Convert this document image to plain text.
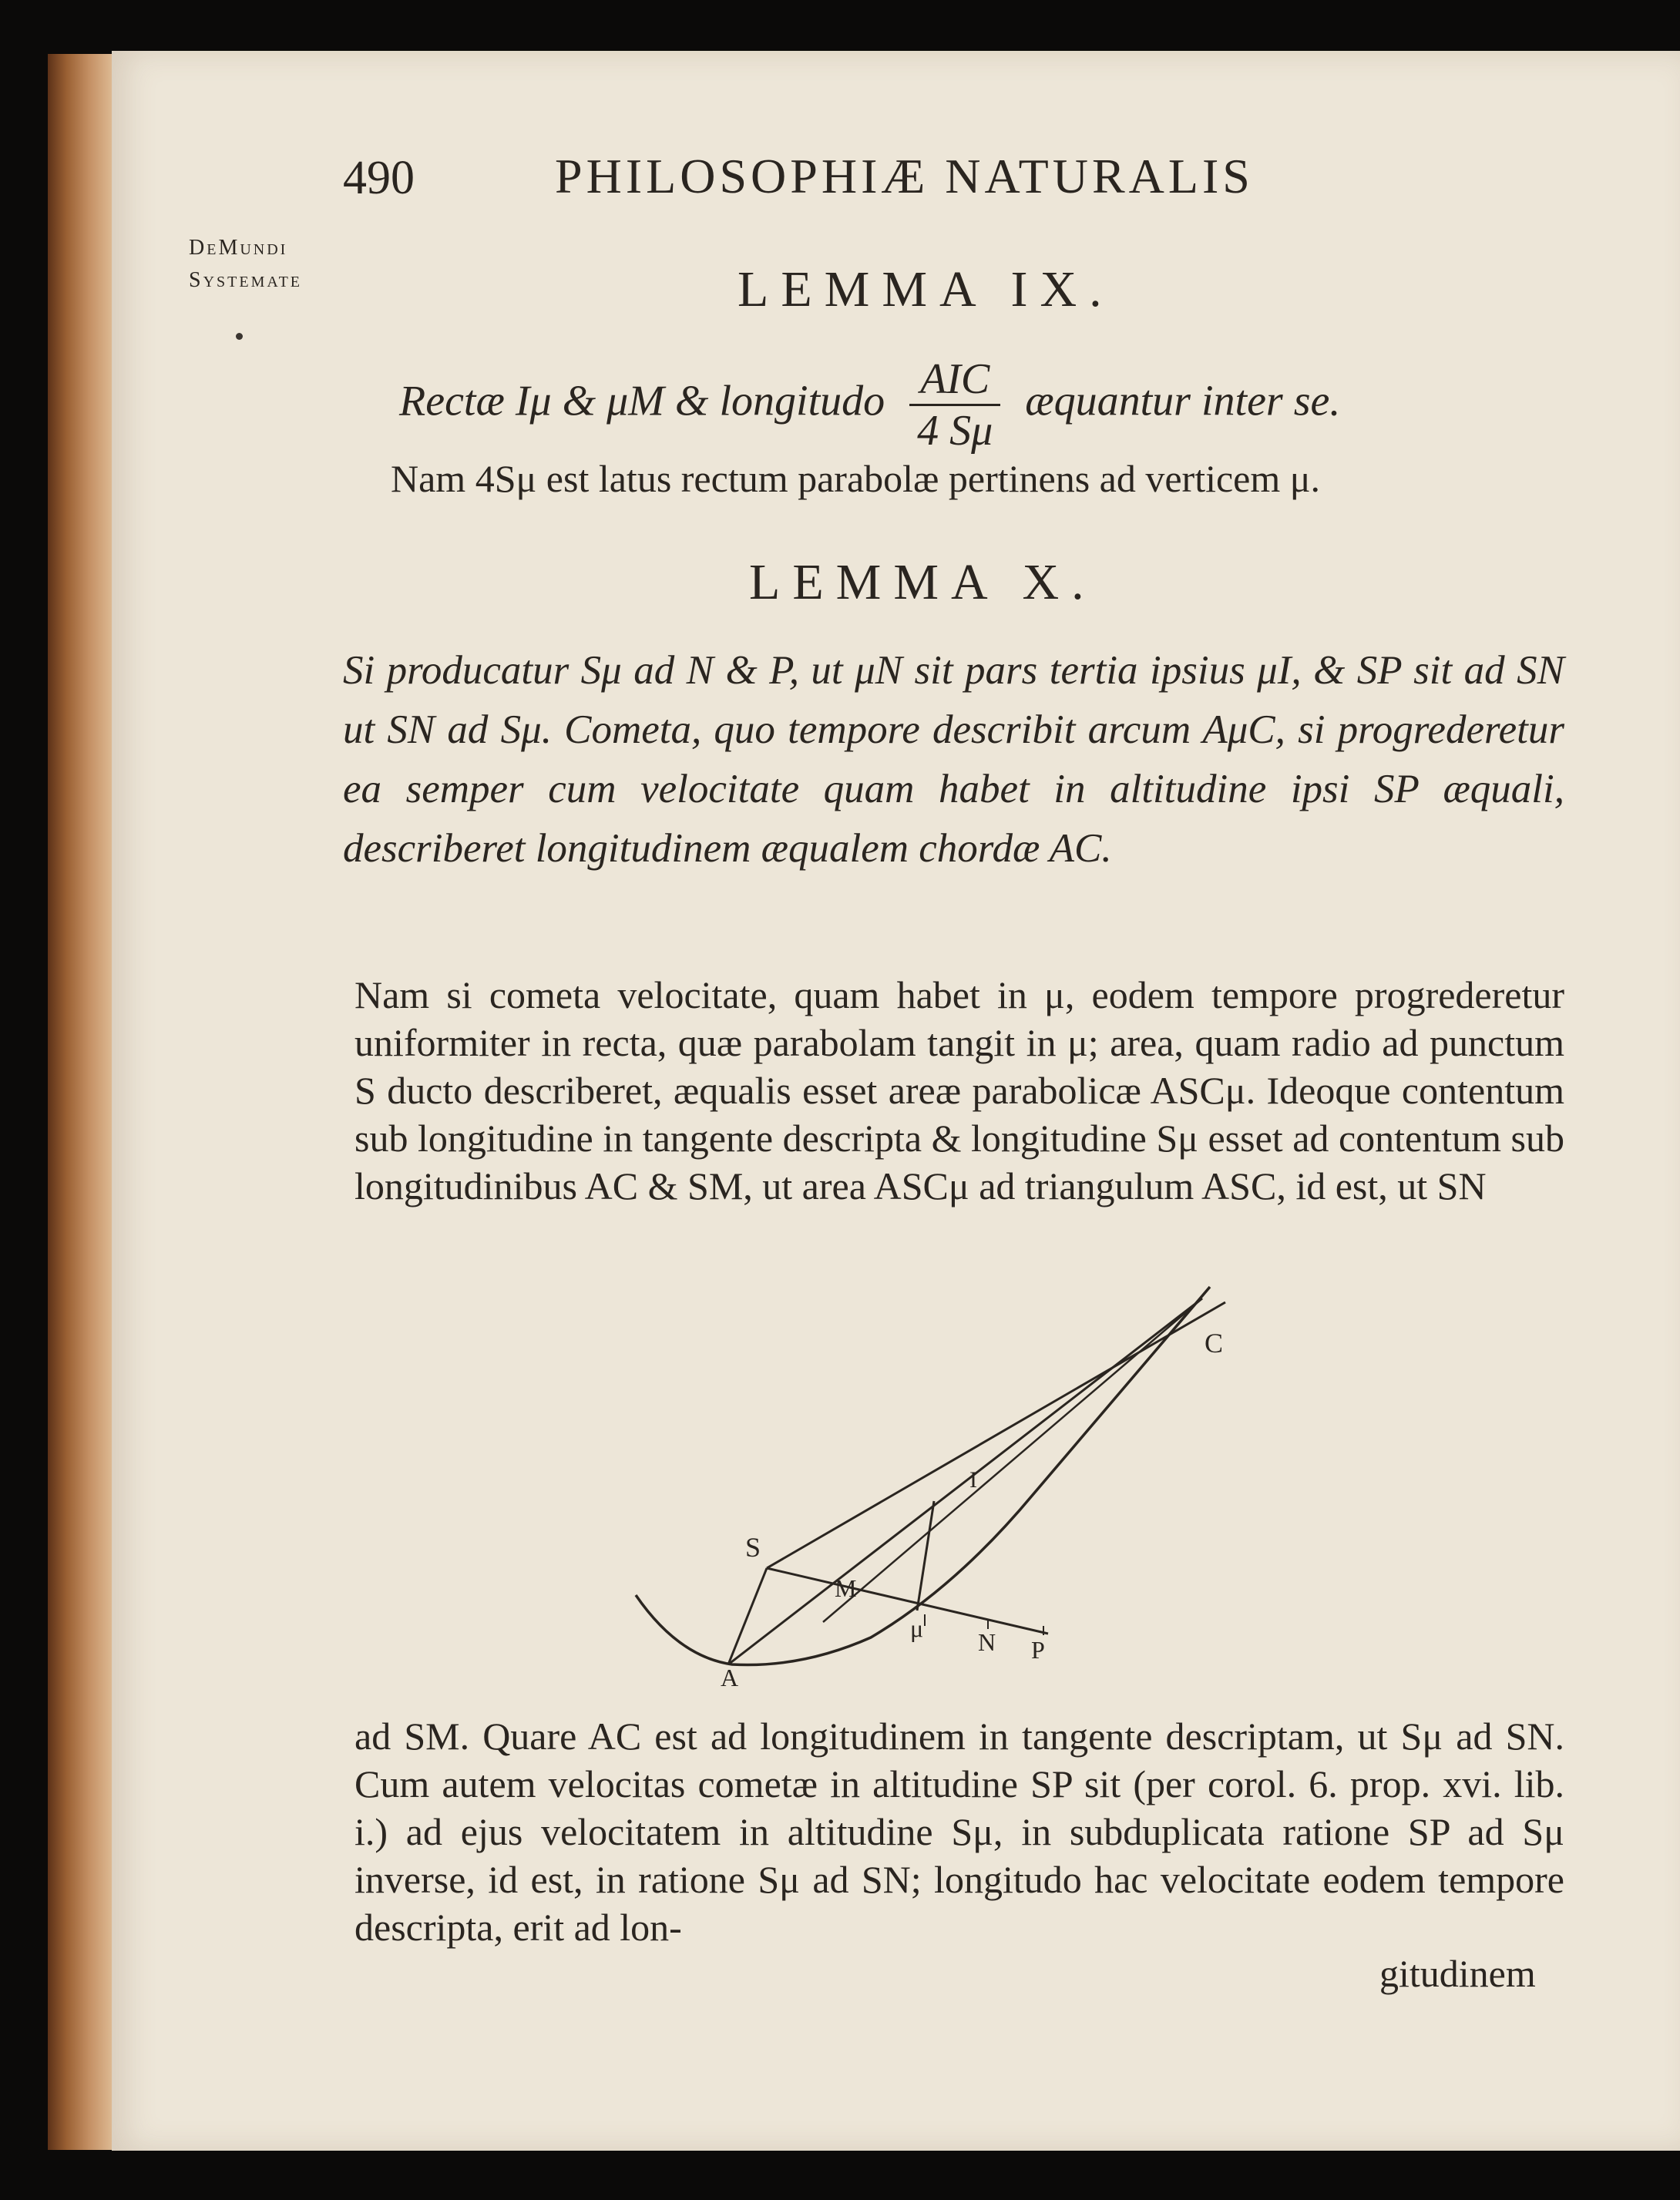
490	PHILOSOPHIÆ NATURALIS
DeMundi
Systemate	LEMMA IX.
Rectæ Iμ & μM & longitudo $\frac{\text{AIC}}{4 S\mu}$ æquantur inter se.
Nam 4Sμ est latus rectum parabolæ pertinens ad verticem μ.
LEMMA X.
Si producatur Sμ ad N & P, ut μN sit pars tertia ipsius μI, & SP sit ad SN ut SN ad Sμ. Cometa, quo tempore describit arcum AμC, si progrederetur ea semper cum velocitate quam habet in altitudine ipsi SP æquali, describeret longitudinem æqualem chordæ AC.
Nam si cometa velocitate, quam habet in μ, eodem tempore progrederetur uniformiter in recta, quæ parabolam tangit in μ; area, quam radio ad punctum S ducto describeret, æqualis esset areæ parabolicæ ASCμ. Ideoque contentum sub longitudine in tangente descripta & longitudine Sμ esset ad contentum sub longitudinibus AC & SM, ut area ASCμ ad triangulum ASC, id est, ut SN
C
I
S
M
μ N P
A
ad SM. Quare AC est ad longitudinem in tangente descriptam, ut Sμ ad SN. Cum autem velocitas cometæ in altitudine SP sit (per corol. 6. prop. xvi. lib. i.) ad ejus velocitatem in altitudine Sμ, in subduplicata ratione SP ad Sμ inverse, id est, in ratione Sμ ad SN; longitudo hac velocitate eodem tempore descripta, erit ad lon-
gitudinem
